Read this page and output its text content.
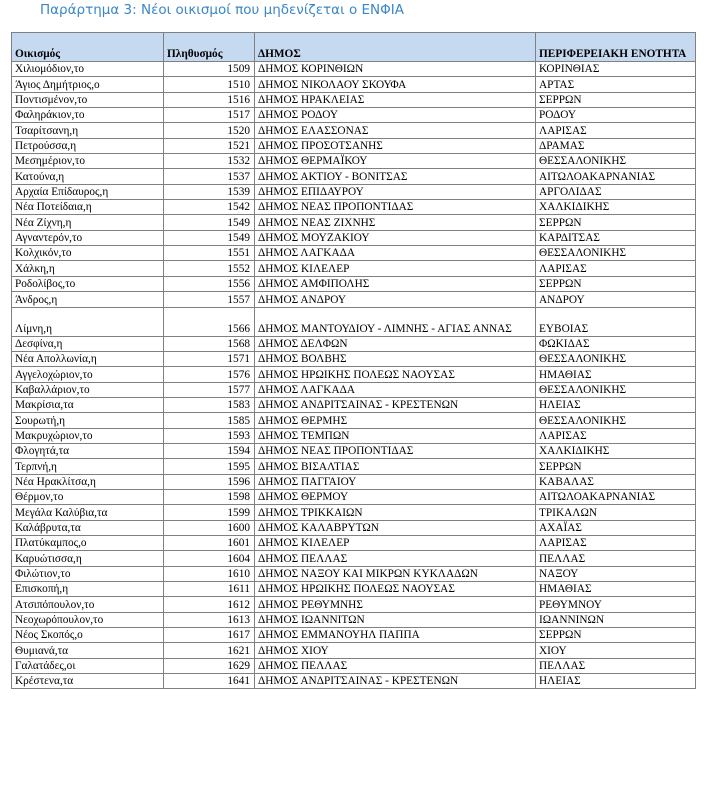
Παράρτημα 3: Νέοι οικισμοί που μηδενίζεται ο ΕΝΦΙΑ
Οικισμός	Πληθυσμός	ΔΗΜΟΣ	ΠΕΡΙΦΕΡΕΙΑΚΗ ΕΝΟΤΗΤΑ
Χιλιομόδιον,το	1509	ΔΗΜΟΣ ΚΟΡΙΝΘΙΩΝ	ΚΟΡΙΝΘΙΑΣ
Άγιος Δημήτριος,ο	1510	ΔΗΜΟΣ ΝΙΚΟΛΑΟΥ ΣΚΟΥΦΑ	ΑΡΤΑΣ
Ποντισμένον,το	1516	ΔΗΜΟΣ ΗΡΑΚΛΕΙΑΣ	ΣΕΡΡΩΝ
Φαληράκιον,το	1517	ΔΗΜΟΣ ΡΟΔΟΥ	ΡΟΔΟΥ
Τσαρίτσανη,η	1520	ΔΗΜΟΣ ΕΛΑΣΣΟΝΑΣ	ΛΑΡΙΣΑΣ
Πετρούσσα,η	1521	ΔΗΜΟΣ ΠΡΟΣΟΤΣΑΝΗΣ	ΔΡΑΜΑΣ
Μεσημέριον,το	1532	ΔΗΜΟΣ ΘΕΡΜΑΪΚΟΥ	ΘΕΣΣΑΛΟΝΙΚΗΣ
Κατούνα,η	1537	ΔΗΜΟΣ ΑΚΤΙΟΥ - ΒΟΝΙΤΣΑΣ	ΑΙΤΩΛΟΑΚΑΡΝΑΝΙΑΣ
Αρχαία Επίδαυρος,η	1539	ΔΗΜΟΣ ΕΠΙΔΑΥΡΟΥ	ΑΡΓΟΛΙΔΑΣ
Νέα Ποτείδαια,η	1542	ΔΗΜΟΣ ΝΕΑΣ ΠΡΟΠΟΝΤΙΔΑΣ	ΧΑΛΚΙΔΙΚΗΣ
Νέα Ζίχνη,η	1549	ΔΗΜΟΣ ΝΕΑΣ ΖΙΧΝΗΣ	ΣΕΡΡΩΝ
Αγναντερόν,το	1549	ΔΗΜΟΣ ΜΟΥΖΑΚΙΟΥ	ΚΑΡΔΙΤΣΑΣ
Κολχικόν,το	1551	ΔΗΜΟΣ ΛΑΓΚΑΔΑ	ΘΕΣΣΑΛΟΝΙΚΗΣ
Χάλκη,η	1552	ΔΗΜΟΣ ΚΙΛΕΛΕΡ	ΛΑΡΙΣΑΣ
Ροδολίβος,το	1556	ΔΗΜΟΣ ΑΜΦΙΠΟΛΗΣ	ΣΕΡΡΩΝ
Άνδρος,η	1557	ΔΗΜΟΣ ΑΝΔΡΟΥ	ΑΝΔΡΟΥ
Λίμνη,η	1566	ΔΗΜΟΣ ΜΑΝΤΟΥΔΙΟΥ - ΛΙΜΝΗΣ - ΑΓΙΑΣ ΑΝΝΑΣ	ΕΥΒΟΙΑΣ
Δεσφίνα,η	1568	ΔΗΜΟΣ ΔΕΛΦΩΝ	ΦΩΚΙΔΑΣ
Νέα Απολλωνία,η	1571	ΔΗΜΟΣ ΒΟΛΒΗΣ	ΘΕΣΣΑΛΟΝΙΚΗΣ
Αγγελοχώριον,το	1576	ΔΗΜΟΣ ΗΡΩΙΚΗΣ ΠΟΛΕΩΣ ΝΑΟΥΣΑΣ	ΗΜΑΘΙΑΣ
Καβαλλάριον,το	1577	ΔΗΜΟΣ ΛΑΓΚΑΔΑ	ΘΕΣΣΑΛΟΝΙΚΗΣ
Μακρίσια,τα	1583	ΔΗΜΟΣ ΑΝΔΡΙΤΣΑΙΝΑΣ - ΚΡΕΣΤΕΝΩΝ	ΗΛΕΙΑΣ
Σουρωτή,η	1585	ΔΗΜΟΣ ΘΕΡΜΗΣ	ΘΕΣΣΑΛΟΝΙΚΗΣ
Μακρυχώριον,το	1593	ΔΗΜΟΣ ΤΕΜΠΩΝ	ΛΑΡΙΣΑΣ
Φλογητά,τα	1594	ΔΗΜΟΣ ΝΕΑΣ ΠΡΟΠΟΝΤΙΔΑΣ	ΧΑΛΚΙΔΙΚΗΣ
Τερπνή,η	1595	ΔΗΜΟΣ ΒΙΣΑΛΤΙΑΣ	ΣΕΡΡΩΝ
Νέα Ηρακλίτσα,η	1596	ΔΗΜΟΣ ΠΑΓΓΑΙΟΥ	ΚΑΒΑΛΑΣ
Θέρμον,το	1598	ΔΗΜΟΣ ΘΕΡΜΟΥ	ΑΙΤΩΛΟΑΚΑΡΝΑΝΙΑΣ
Μεγάλα Καλύβια,τα	1599	ΔΗΜΟΣ ΤΡΙΚΚΑΙΩΝ	ΤΡΙΚΑΛΩΝ
Καλάβρυτα,τα	1600	ΔΗΜΟΣ ΚΑΛΑΒΡΥΤΩΝ	ΑΧΑΪΑΣ
Πλατύκαμπος,ο	1601	ΔΗΜΟΣ ΚΙΛΕΛΕΡ	ΛΑΡΙΣΑΣ
Καρυώτισσα,η	1604	ΔΗΜΟΣ ΠΕΛΛΑΣ	ΠΕΛΛΑΣ
Φιλώτιον,το	1610	ΔΗΜΟΣ ΝΑΞΟΥ ΚΑΙ ΜΙΚΡΩΝ ΚΥΚΛΑΔΩΝ	ΝΑΞΟΥ
Επισκοπή,η	1611	ΔΗΜΟΣ ΗΡΩΙΚΗΣ ΠΟΛΕΩΣ ΝΑΟΥΣΑΣ	ΗΜΑΘΙΑΣ
Ατσιπόπουλον,το	1612	ΔΗΜΟΣ ΡΕΘΥΜΝΗΣ	ΡΕΘΥΜΝΟΥ
Νεοχωρόπουλον,το	1613	ΔΗΜΟΣ ΙΩΑΝΝΙΤΩΝ	ΙΩΑΝΝΙΝΩΝ
Νέος Σκοπός,ο	1617	ΔΗΜΟΣ ΕΜΜΑΝΟΥΗΛ ΠΑΠΠΑ	ΣΕΡΡΩΝ
Θυμιανά,τα	1621	ΔΗΜΟΣ ΧΙΟΥ	ΧΙΟΥ
Γαλατάδες,οι	1629	ΔΗΜΟΣ ΠΕΛΛΑΣ	ΠΕΛΛΑΣ
Κρέστενα,τα	1641	ΔΗΜΟΣ ΑΝΔΡΙΤΣΑΙΝΑΣ - ΚΡΕΣΤΕΝΩΝ	ΗΛΕΙΑΣ
